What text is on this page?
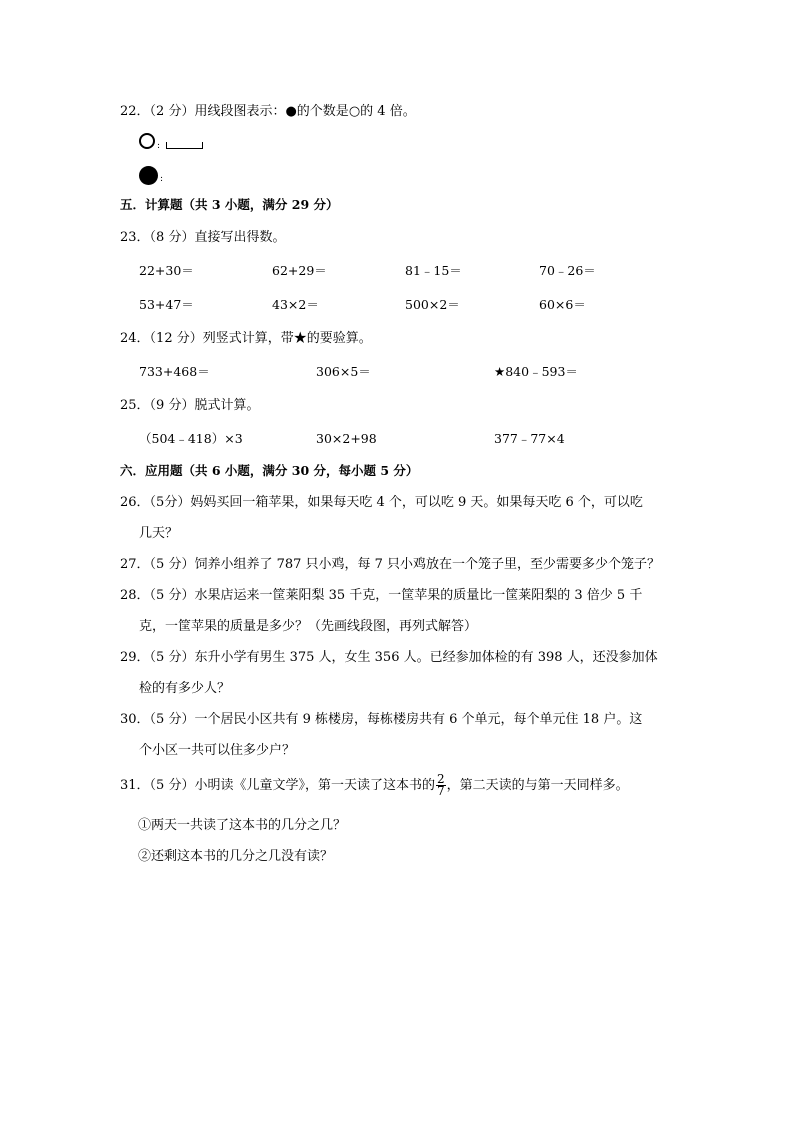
22．（2 分）用线段图表示：●的个数是○的 4 倍。
:
:
五．计算题（共 3 小题，满分 29 分）
23．（8 分）直接写出得数。
22+30＝	62+29＝	81﹣15＝	70﹣26＝
53+47＝	43×2＝	500×2＝	60×6＝
24．（12 分）列竖式计算，带★的要验算。
733+468＝	306×5＝	★840﹣593＝
25．（9 分）脱式计算。
（504﹣418）×3	30×2+98	377﹣77×4
六．应用题（共 6 小题，满分 30 分，每小题 5 分）
26．（5分）妈妈买回一箱苹果，如果每天吃 4 个，可以吃 9 天。如果每天吃 6 个，可以吃
几天？
27．（5 分）饲养小组养了 787 只小鸡，每 7 只小鸡放在一个笼子里，至少需要多少个笼子？
28．（5 分）水果店运来一筐莱阳梨 35 千克，一筐苹果的质量比一筐莱阳梨的 3 倍少 5 千
克，一筐苹果的质量是多少？（先画线段图，再列式解答）
29．（5 分）东升小学有男生 375 人，女生 356 人。已经参加体检的有 398 人，还没参加体
检的有多少人？
30．（5 分）一个居民小区共有 9 栋楼房，每栋楼房共有 6 个单元，每个单元住 18 户。这
个小区一共可以住多少户？
31．（5 分）小明读《儿童文学》，第一天读了这本书的 $\frac{2}{7}$ ，第二天读的与第一天同样多。
①两天一共读了这本书的几分之几？
②还剩这本书的几分之几没有读？
